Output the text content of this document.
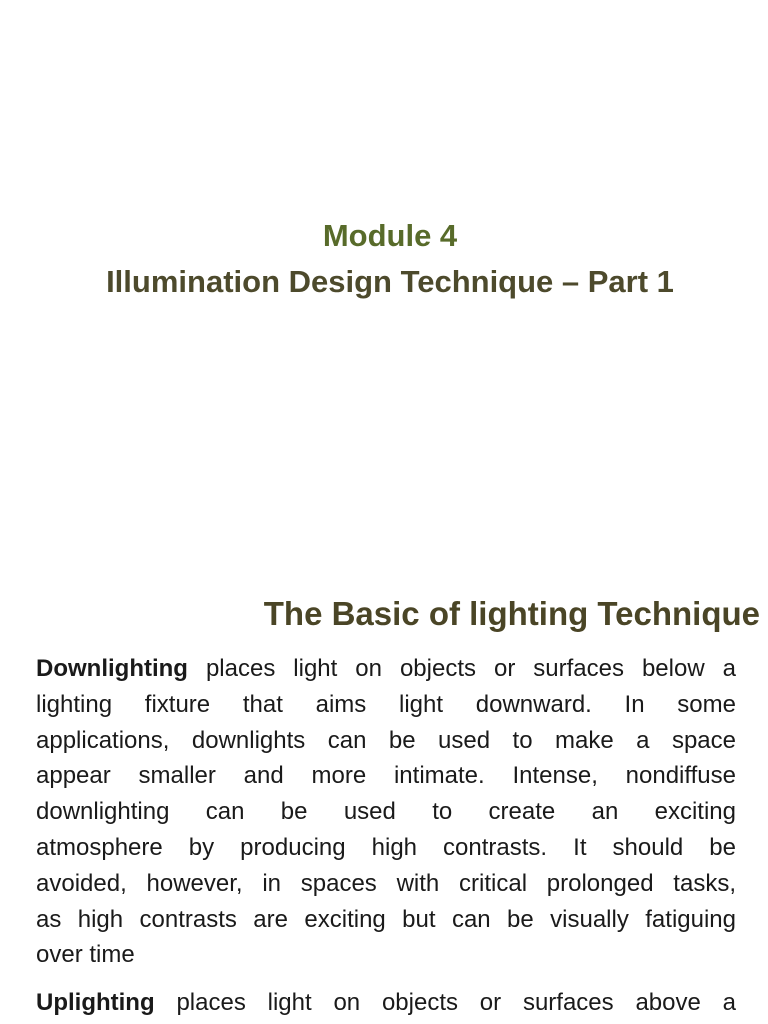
Module 4
Illumination Design Technique – Part 1
The Basic of lighting Technique
Downlighting places light on objects or surfaces below a
lighting fixture that aims light downward. In some
applications, downlights can be used to make a space
appear smaller and more intimate. Intense, nondiffuse
downlighting can be used to create an exciting
atmosphere by producing high contrasts. It should be
avoided, however, in spaces with critical prolonged tasks,
as high contrasts are exciting but can be visually fatiguing
over time
Uplighting places light on objects or surfaces above a
